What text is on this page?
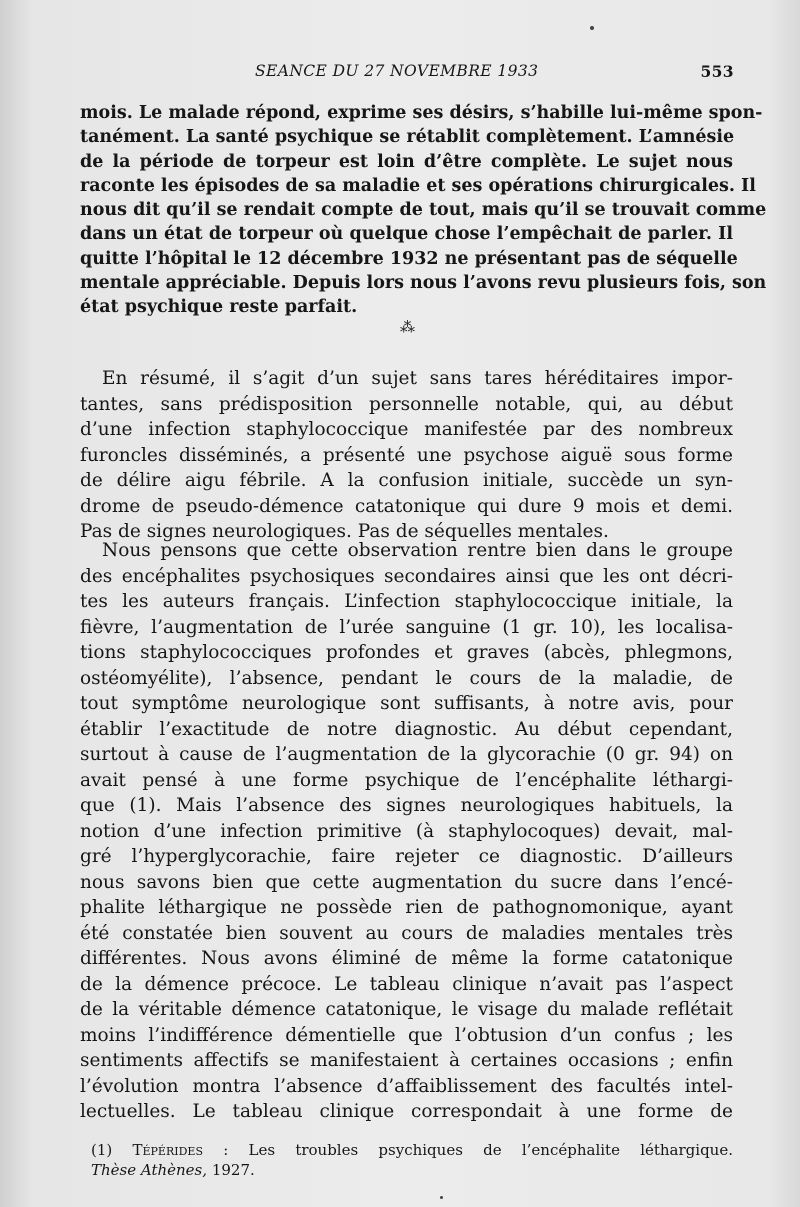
SEANCE DU 27 NOVEMBRE 1933	553
mois. Le malade répond, exprime ses désirs, s’habille lui-même spon-
tanément. La santé psychique se rétablit complètement. L’amnésie
de la période de torpeur est loin d’être complète. Le sujet nous
raconte les épisodes de sa maladie et ses opérations chirurgicales. Il
nous dit qu’il se rendait compte de tout, mais qu’il se trouvait comme
dans un état de torpeur où quelque chose l’empêchait de parler. Il
quitte l’hôpital le 12 décembre 1932 ne présentant pas de séquelle
mentale appréciable. Depuis lors nous l’avons revu plusieurs fois, son
état psychique reste parfait.
⁂
En résumé, il s’agit d’un sujet sans tares héréditaires impor-
tantes, sans prédisposition personnelle notable, qui, au début
d’une infection staphylococcique manifestée par des nombreux
furoncles disséminés, a présenté une psychose aiguë sous forme
de délire aigu fébrile. A la confusion initiale, succède un syn-
drome de pseudo-démence catatonique qui dure 9 mois et demi.
Pas de signes neurologiques. Pas de séquelles mentales.
Nous pensons que cette observation rentre bien dans le groupe
des encéphalites psychosiques secondaires ainsi que les ont décri-
tes les auteurs français. L’infection staphylococcique initiale, la
fièvre, l’augmentation de l’urée sanguine (1 gr. 10), les localisa-
tions staphylococciques profondes et graves (abcès, phlegmons,
ostéomyélite), l’absence, pendant le cours de la maladie, de
tout symptôme neurologique sont suffisants, à notre avis, pour
établir l’exactitude de notre diagnostic. Au début cependant,
surtout à cause de l’augmentation de la glycorachie (0 gr. 94) on
avait pensé à une forme psychique de l’encéphalite léthargi-
que (1). Mais l’absence des signes neurologiques habituels, la
notion d’une infection primitive (à staphylocoques) devait, mal-
gré l’hyperglycorachie, faire rejeter ce diagnostic. D’ailleurs
nous savons bien que cette augmentation du sucre dans l’encé-
phalite léthargique ne possède rien de pathognomonique, ayant
été constatée bien souvent au cours de maladies mentales très
différentes. Nous avons éliminé de même la forme catatonique
de la démence précoce. Le tableau clinique n’avait pas l’aspect
de la véritable démence catatonique, le visage du malade reflétait
moins l’indifférence démentielle que l’obtusion d’un confus ; les
sentiments affectifs se manifestaient à certaines occasions ; enfin
l’évolution montra l’absence d’affaiblissement des facultés intel-
lectuelles. Le tableau clinique correspondait à une forme de
(1) Tépérides : Les troubles psychiques de l’encéphalite léthargique.
Thèse Athènes, 1927.
